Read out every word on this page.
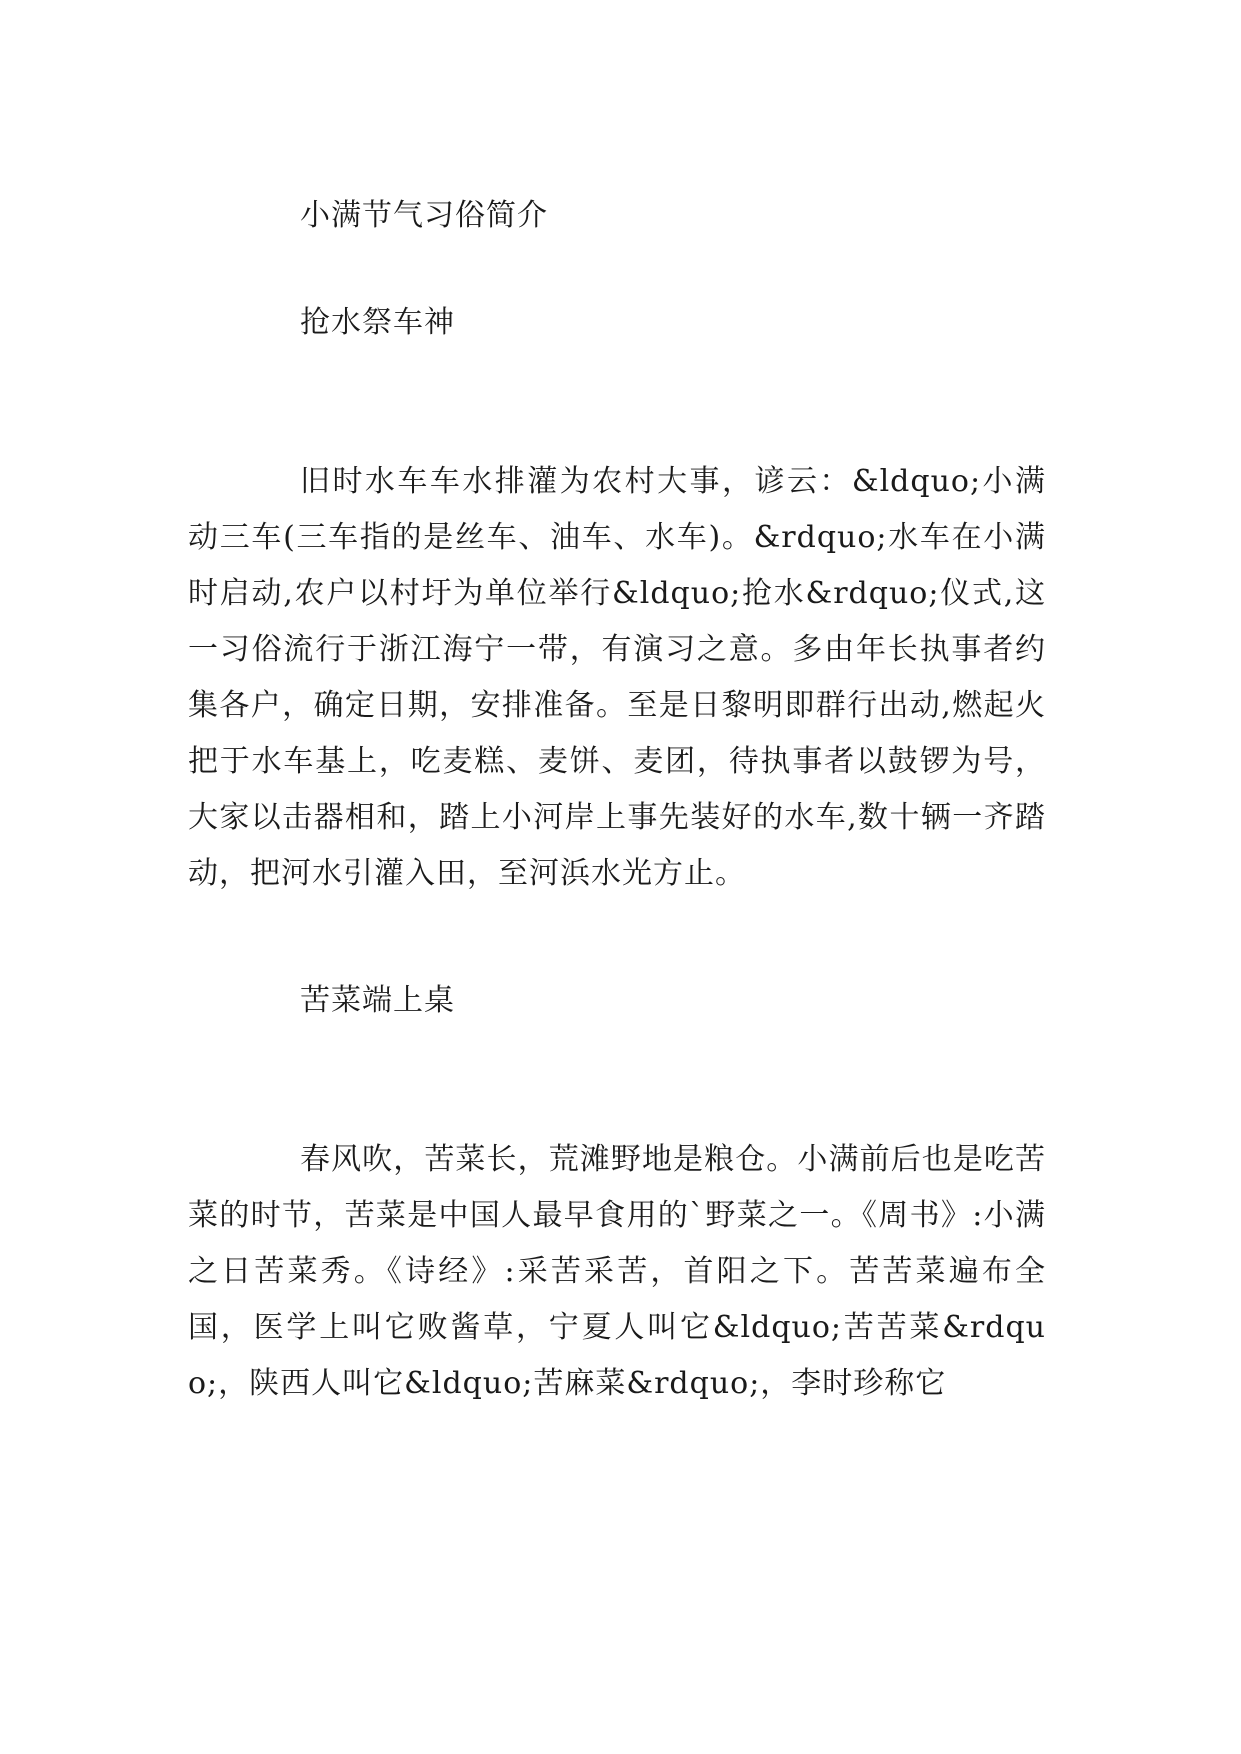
小满节气习俗简介
抢水祭车神

旧时水车车水排灌为农村大事，谚云：&ldquo;小满动三车(三车指的是丝车、油车、水车)。&rdquo;水车在小满时启动,农户以村圩为单位举行&ldquo;抢水&rdquo;仪式,这一习俗流行于浙江海宁一带，有演习之意。多由年长执事者约集各户，确定日期，安排准备。至是日黎明即群行出动,燃起火把于水车基上，吃麦糕、麦饼、麦团，待执事者以鼓锣为号，大家以击器相和，踏上小河岸上事先装好的水车,数十辆一齐踏动，把河水引灌入田，至河浜水光方止。

苦菜端上桌

春风吹，苦菜长，荒滩野地是粮仓。小满前后也是吃苦菜的时节，苦菜是中国人最早食用的`野菜之一。《周书》:小满之日苦菜秀。《诗经》:采苦采苦，首阳之下。苦苦菜遍布全国，医学上叫它败酱草，宁夏人叫它&ldquo;苦苦菜&rdquo;，陕西人叫它&ldquo;苦麻菜&rdquo;，李时珍称它
